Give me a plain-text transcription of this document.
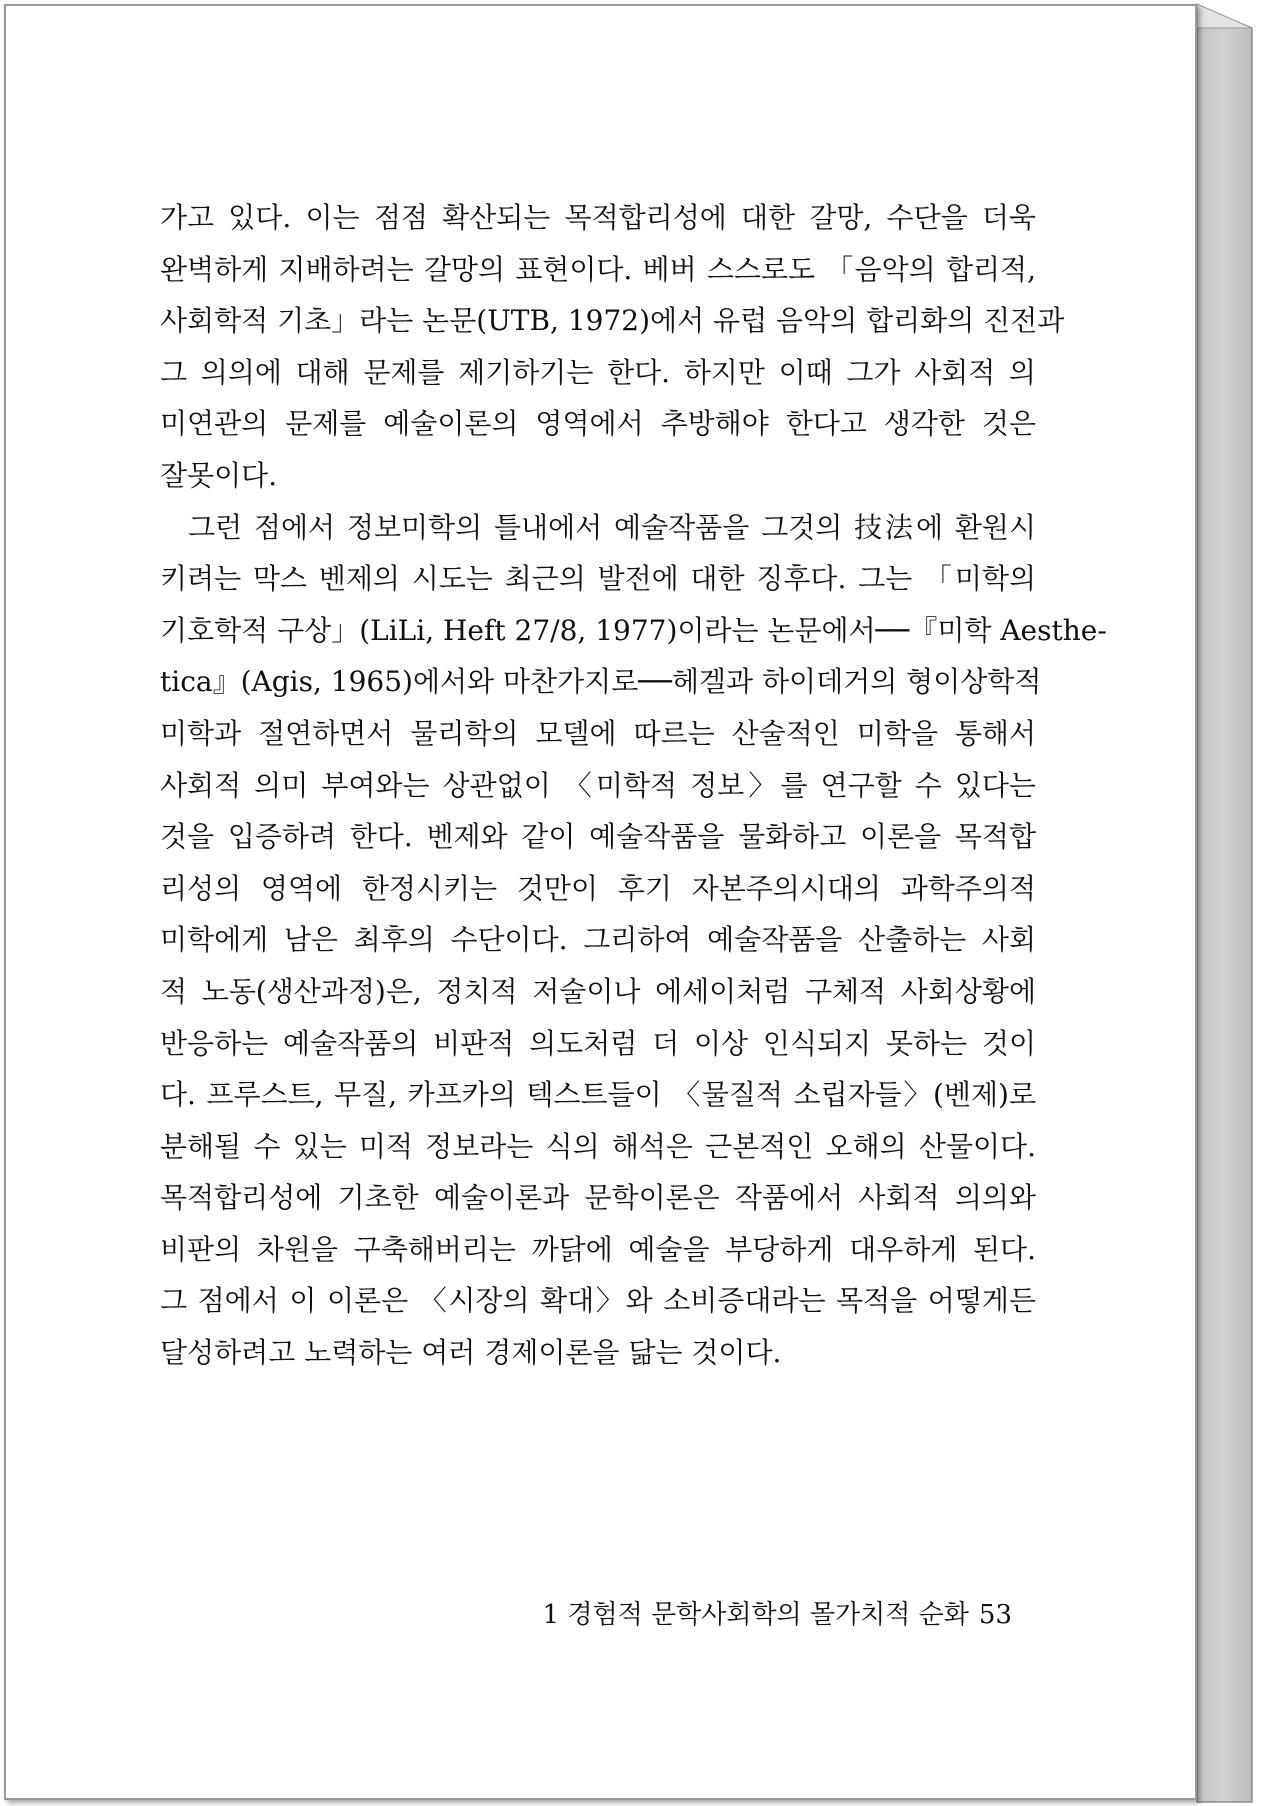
가고 있다. 이는 점점 확산되는 목적합리성에 대한 갈망, 수단을 더욱
완벽하게 지배하려는 갈망의 표현이다. 베버 스스로도 「음악의 합리적,
사회학적 기초」라는 논문(UTB, 1972)에서 유럽 음악의 합리화의 진전과
그 의의에 대해 문제를 제기하기는 한다. 하지만 이때 그가 사회적 의
미연관의 문제를 예술이론의 영역에서 추방해야 한다고 생각한 것은
잘못이다.
그런 점에서 정보미학의 틀내에서 예술작품을 그것의 技法에 환원시
키려는 막스 벤제의 시도는 최근의 발전에 대한 징후다. 그는 「미학의
기호학적 구상」(LiLi, Heft 27/8, 1977)이라는 논문에서──『미학 Aesthe-
tica』(Agis, 1965)에서와 마찬가지로──헤겔과 하이데거의 형이상학적
미학과 절연하면서 물리학의 모델에 따르는 산술적인 미학을 통해서
사회적 의미 부여와는 상관없이 〈미학적 정보〉를 연구할 수 있다는
것을 입증하려 한다. 벤제와 같이 예술작품을 물화하고 이론을 목적합
리성의 영역에 한정시키는 것만이 후기 자본주의시대의 과학주의적
미학에게 남은 최후의 수단이다. 그리하여 예술작품을 산출하는 사회
적 노동(생산과정)은, 정치적 저술이나 에세이처럼 구체적 사회상황에
반응하는 예술작품의 비판적 의도처럼 더 이상 인식되지 못하는 것이
다. 프루스트, 무질, 카프카의 텍스트들이 〈물질적 소립자들〉(벤제)로
분해될 수 있는 미적 정보라는 식의 해석은 근본적인 오해의 산물이다.
목적합리성에 기초한 예술이론과 문학이론은 작품에서 사회적 의의와
비판의 차원을 구축해버리는 까닭에 예술을 부당하게 대우하게 된다.
그 점에서 이 이론은 〈시장의 확대〉와 소비증대라는 목적을 어떻게든
달성하려고 노력하는 여러 경제이론을 닮는 것이다.
1 경험적 문학사회학의 몰가치적 순화 53
